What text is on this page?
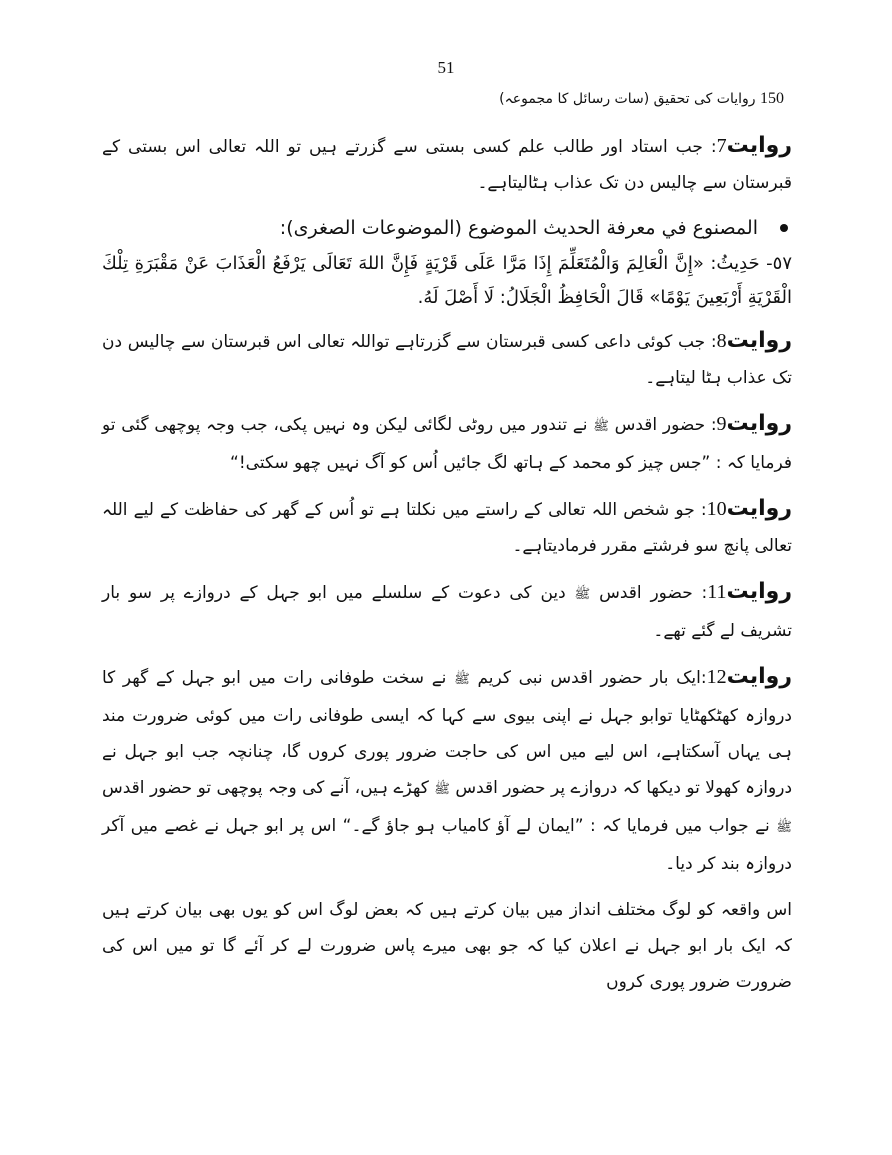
51
150 روایات کی تحقیق (سات رسائل کا مجموعہ)

روایت7: جب استاد اور طالب علم کسی بستی سے گزرتے ہیں تو اللہ تعالی اس بستی کے قبرستان سے چالیس دن تک عذاب ہٹالیتاہے۔

المصنوع في معرفة الحديث الموضوع (الموضوعات الصغرى):

٥٧- حَدِيثُ: «إِنَّ الْعَالِمَ وَالْمُتَعَلِّمَ إِذَا مَرَّا عَلَى قَرْيَةٍ فَإِنَّ اللهَ تَعَالَى يَرْفَعُ الْعَذَابَ عَنْ مَقْبَرَةِ تِلْكَ الْقَرْيَةِ أَرْبَعِينَ يَوْمًا» قَالَ الْحَافِظُ الْجَلَالُ: لَا أَصْلَ لَهُ.

روایت8: جب کوئی داعی کسی قبرستان سے گزرتاہے تواللہ تعالی اس قبرستان سے چالیس دن تک عذاب ہٹا لیتاہے۔

روایت9: حضور اقدس ﷺ نے تندور میں روٹی لگائی لیکن وہ نہیں پکی، جب وجہ پوچھی گئی تو فرمایا کہ : ”جس چیز کو محمد کے ہاتھ لگ جائیں اُس کو آگ نہیں چھو سکتی!“

روایت10: جو شخص اللہ تعالی کے راستے میں نکلتا ہے تو اُس کے گھر کی حفاظت کے لیے اللہ تعالی پانچ سو فرشتے مقرر فرمادیتاہے۔

روایت11: حضور اقدس ﷺ دین کی دعوت کے سلسلے میں ابو جہل کے دروازے پر سو بار تشریف لے گئے تھے۔

روایت12:ایک بار حضور اقدس نبی کریم ﷺ نے سخت طوفانی رات میں ابو جہل کے گھر کا دروازہ کھٹکھٹایا توابو جہل نے اپنی بیوی سے کہا کہ ایسی طوفانی رات میں کوئی ضرورت مند ہی یہاں آسکتاہے، اس لیے میں اس کی حاجت ضرور پوری کروں گا، چنانچہ جب ابو جہل نے دروازہ کھولا تو دیکھا کہ دروازے پر حضور اقدس ﷺ کھڑے ہیں، آنے کی وجہ پوچھی تو حضور اقدس ﷺ نے جواب میں فرمایا کہ : ”ایمان لے آؤ کامیاب ہو جاؤ گے۔“ اس پر ابو جہل نے غصے میں آکر دروازہ بند کر دیا۔

اس واقعہ کو لوگ مختلف انداز میں بیان کرتے ہیں کہ بعض لوگ اس کو یوں بھی بیان کرتے ہیں کہ ایک بار ابو جہل نے اعلان کیا کہ جو بھی میرے پاس ضرورت لے کر آئے گا تو میں اس کی ضرورت ضرور پوری کروں
